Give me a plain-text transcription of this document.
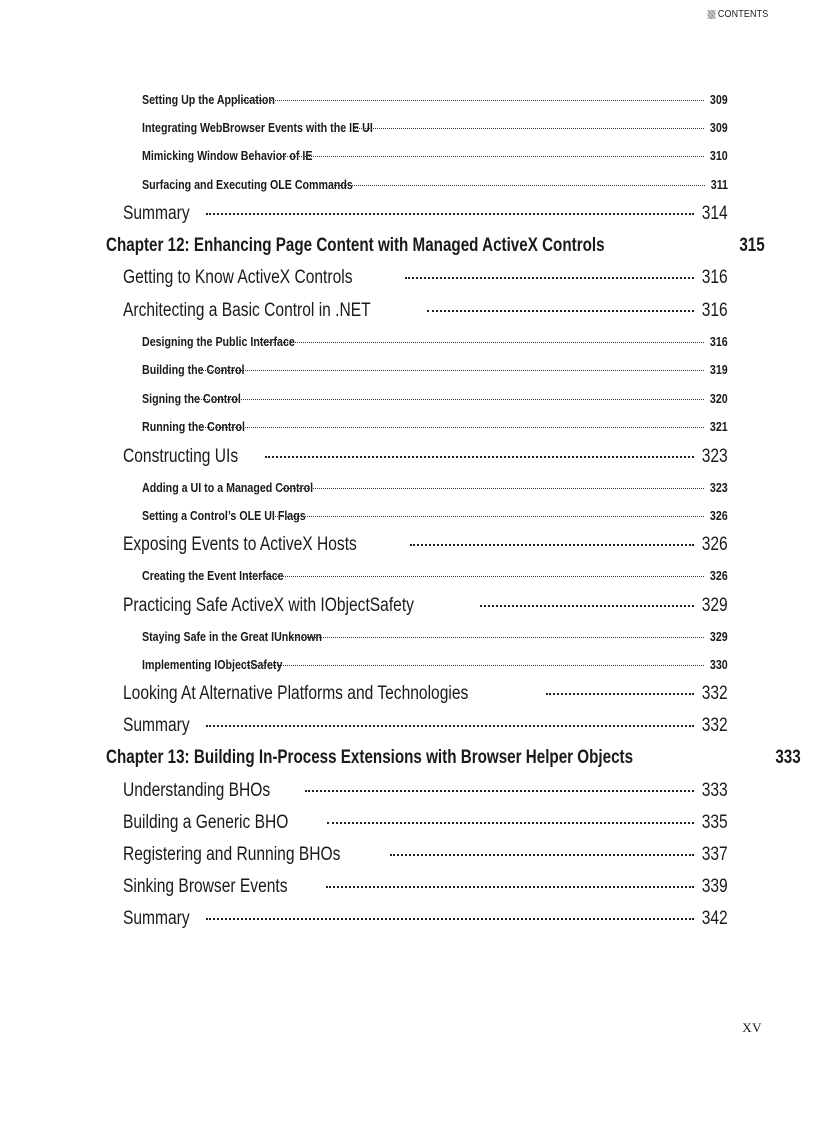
CONTENTS
Setting Up the Application	309
Integrating WebBrowser Events with the IE UI	309
Mimicking Window Behavior of IE	310
Surfacing and Executing OLE Commands	311
Summary	314
Chapter 12: Enhancing Page Content with Managed ActiveX Controls	315
Getting to Know ActiveX Controls	316
Architecting a Basic Control in .NET	316
Designing the Public Interface	316
Building the Control	319
Signing the Control	320
Running the Control	321
Constructing UIs	323
Adding a UI to a Managed Control	323
Setting a Control’s OLE UI Flags	326
Exposing Events to ActiveX Hosts	326
Creating the Event Interface	326
Practicing Safe ActiveX with IObjectSafety	329
Staying Safe in the Great IUnknown	329
Implementing IObjectSafety	330
Looking At Alternative Platforms and Technologies	332
Summary	332
Chapter 13: Building In-Process Extensions with Browser Helper Objects	333
Understanding BHOs	333
Building a Generic BHO	335
Registering and Running BHOs	337
Sinking Browser Events	339
Summary	342
XV
